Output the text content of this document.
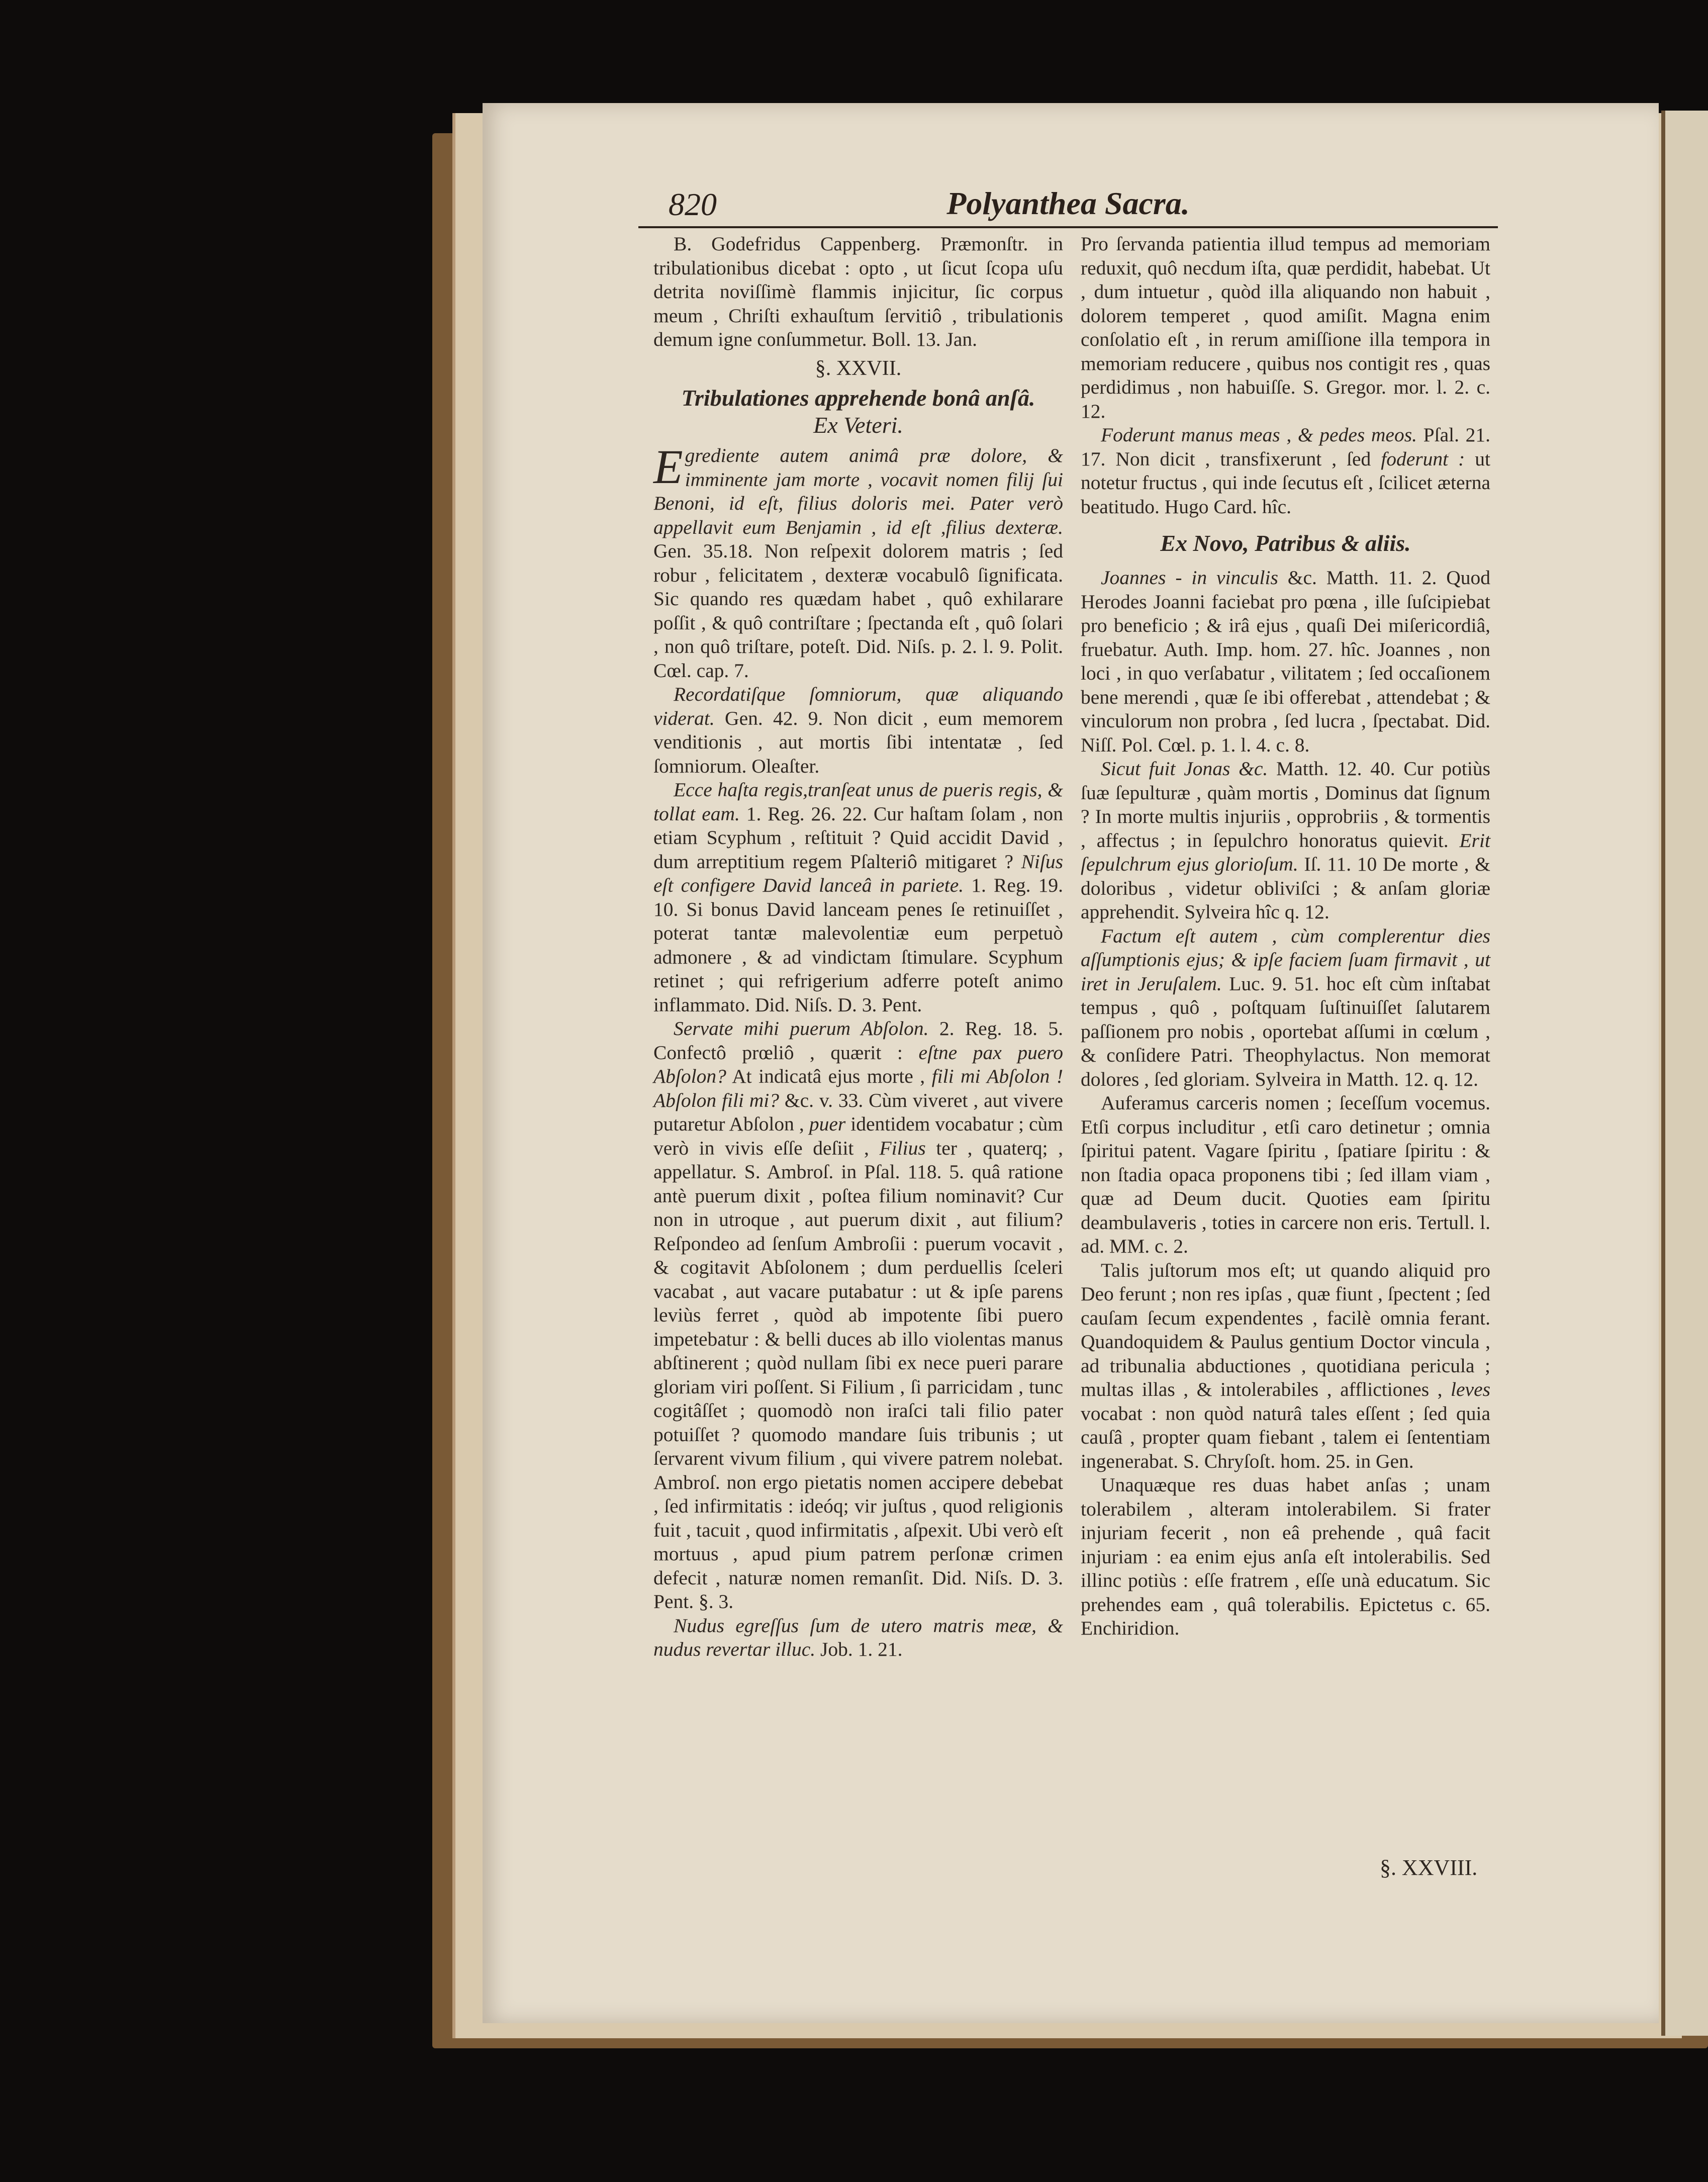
820	Polyanthea Sacra.

B. Godefridus Cappenberg. Præmonſtr. in tribulationibus dicebat : opto , ut ſicut ſcopa uſu detrita noviſſimè flammis injicitur, ſic corpus meum , Chriſti exhauſtum ſervitiô , tribulationis demum igne conſummetur. Boll. 13. Jan.

§. XXVII.
Tribulationes apprehende bonâ anſâ.
Ex Veteri.

Egrediente autem animâ præ dolore, & imminente jam morte , vocavit nomen filij ſui Benoni, id eſt, filius doloris mei. Pater verò appellavit eum Benjamin , id eſt ,filius dexteræ. Gen. 35.18. Non reſpexit dolorem matris ; ſed robur , felicitatem , dexteræ vocabulô ſignificata. Sic quando res quædam habet , quô exhilarare poſſit , & quô contriſtare ; ſpectanda eſt , quô ſolari , non quô triſtare, poteſt. Did. Niſs. p. 2. l. 9. Polit. Cœl. cap. 7.

Recordatiſque ſomniorum, quæ aliquando viderat. Gen. 42. 9. Non dicit , eum memorem venditionis , aut mortis ſibi intentatæ , ſed ſomniorum. Oleaſter.

Ecce haſta regis,tranſeat unus de pueris regis, & tollat eam. 1. Reg. 26. 22. Cur haſtam ſolam , non etiam Scyphum , reſtituit ? Quid accidit David , dum arreptitium regem Pſalteriô mitigaret ? Niſus eſt configere David lanceâ in pariete. 1. Reg. 19. 10. Si bonus David lanceam penes ſe retinuiſſet , poterat tantæ malevolentiæ eum perpetuò admonere , & ad vindictam ſtimulare. Scyphum retinet ; qui refrigerium adferre poteſt animo inflammato. Did. Niſs. D. 3. Pent.

Servate mihi puerum Abſolon. 2. Reg. 18. 5. Confectô prœliô , quærit : eſtne pax puero Abſolon? At indicatâ ejus morte , fili mi Abſolon ! Abſolon fili mi? &c. v. 33. Cùm viveret , aut vivere putaretur Abſolon , puer identidem vocabatur ; cùm verò in vivis eſſe deſiit , Filius ter , quaterq; , appellatur. S. Ambroſ. in Pſal. 118. 5. quâ ratione antè puerum dixit , poſtea filium nominavit? Cur non in utroque , aut puerum dixit , aut filium? Reſpondeo ad ſenſum Ambroſii : puerum vocavit , & cogitavit Abſolonem ; dum perduellis ſceleri vacabat , aut vacare putabatur : ut & ipſe parens leviùs ferret , quòd ab impotente ſibi puero impetebatur : & belli duces ab illo violentas manus abſtinerent ; quòd nullam ſibi ex nece pueri parare gloriam viri poſſent. Si Filium , ſi parricidam , tunc cogitâſſet ; quomodò non iraſci tali filio pater potuiſſet ? quomodo mandare ſuis tribunis ; ut ſervarent vivum filium , qui vivere patrem nolebat. Ambroſ. non ergo pietatis nomen accipere debebat , ſed infirmitatis : ideóq; vir juſtus , quod religionis fuit , tacuit , quod infirmitatis , aſpexit. Ubi verò eſt mortuus , apud pium patrem perſonæ crimen defecit , naturæ nomen remanſit. Did. Niſs. D. 3. Pent. §. 3.

Nudus egreſſus ſum de utero matris meæ, & nudus revertar illuc. Job. 1. 21.

Pro ſervanda patientia illud tempus ad memoriam reduxit, quô necdum iſta, quæ perdidit, habebat. Ut , dum intuetur , quòd illa aliquando non habuit , dolorem temperet , quod amiſit. Magna enim conſolatio eſt , in rerum amiſſione illa tempora in memoriam reducere , quibus nos contigit res , quas perdidimus , non habuiſſe. S. Gregor. mor. l. 2. c. 12.

Foderunt manus meas , & pedes meos. Pſal. 21. 17. Non dicit , transfixerunt , ſed foderunt : ut notetur fructus , qui inde ſecutus eſt , ſcilicet æterna beatitudo. Hugo Card. hîc.

Ex Novo, Patribus & aliis.

Joannes - in vinculis &c. Matth. 11. 2. Quod Herodes Joanni faciebat pro pœna , ille ſuſcipiebat pro beneficio ; & irâ ejus , quaſi Dei miſericordiâ, fruebatur. Auth. Imp. hom. 27. hîc. Joannes , non loci , in quo verſabatur , vilitatem ; ſed occaſionem bene merendi , quæ ſe ibi offerebat , attendebat ; & vinculorum non probra , ſed lucra , ſpectabat. Did. Niſſ. Pol. Cœl. p. 1. l. 4. c. 8.

Sicut fuit Jonas &c. Matth. 12. 40. Cur potiùs ſuæ ſepulturæ , quàm mortis , Dominus dat ſignum ? In morte multis injuriis , opprobriis , & tormentis , affectus ; in ſepulchro honoratus quievit. Erit ſepulchrum ejus glorioſum. Iſ. 11. 10 De morte , & doloribus , videtur obliviſci ; & anſam gloriæ apprehendit. Sylveira hîc q. 12.

Factum eſt autem , cùm complerentur dies aſſumptionis ejus; & ipſe faciem ſuam firmavit , ut iret in Jeruſalem. Luc. 9. 51. hoc eſt cùm inſtabat tempus , quô , poſtquam ſuſtinuiſſet ſalutarem paſſionem pro nobis , oportebat aſſumi in cœlum , & conſidere Patri. Theophylactus. Non memorat dolores , ſed gloriam. Sylveira in Matth. 12. q. 12.

Auferamus carceris nomen ; ſeceſſum vocemus. Etſi corpus includitur , etſi caro detinetur ; omnia ſpiritui patent. Vagare ſpiritu , ſpatiare ſpiritu : & non ſtadia opaca proponens tibi ; ſed illam viam , quæ ad Deum ducit. Quoties eam ſpiritu deambulaveris , toties in carcere non eris. Tertull. l. ad. MM. c. 2.

Talis juſtorum mos eſt; ut quando aliquid pro Deo ferunt ; non res ipſas , quæ fiunt , ſpectent ; ſed cauſam ſecum expendentes , facilè omnia ferant. Quandoquidem & Paulus gentium Doctor vincula , ad tribunalia abductiones , quotidiana pericula ; multas illas , & intolerabiles , afflictiones , leves vocabat : non quòd naturâ tales eſſent ; ſed quia cauſâ , propter quam fiebant , talem ei ſententiam ingenerabat. S. Chryſoſt. hom. 25. in Gen.

Unaquæque res duas habet anſas ; unam tolerabilem , alteram intolerabilem. Si frater injuriam fecerit , non eâ prehende , quâ facit injuriam : ea enim ejus anſa eſt intolerabilis. Sed illinc potiùs : eſſe fratrem , eſſe unà educatum. Sic prehendes eam , quâ tolerabilis. Epictetus c. 65. Enchiridion.

§. XXVIII.
